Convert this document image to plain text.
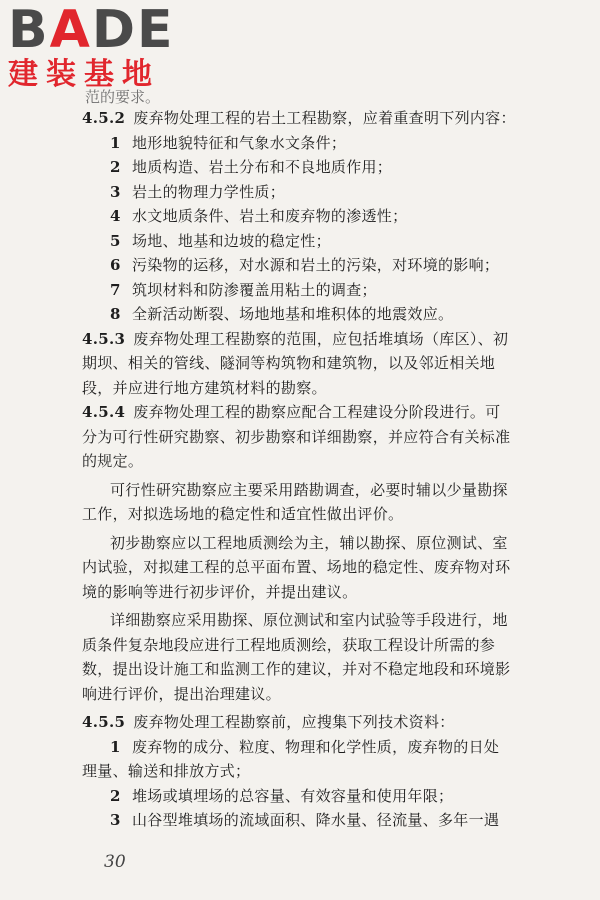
BADE
建装基地
范的要求。
4.5.2 废弃物处理工程的岩土工程勘察，应着重查明下列内容：
1 地形地貌特征和气象水文条件；
2 地质构造、岩土分布和不良地质作用；
3 岩土的物理力学性质；
4 水文地质条件、岩土和废弃物的渗透性；
5 场地、地基和边坡的稳定性；
6 污染物的运移，对水源和岩土的污染，对环境的影响；
7 筑坝材料和防渗覆盖用粘土的调查；
8 全新活动断裂、场地地基和堆积体的地震效应。
4.5.3 废弃物处理工程勘察的范围，应包括堆填场（库区）、初
期坝、相关的管线、隧洞等构筑物和建筑物，以及邻近相关地
段，并应进行地方建筑材料的勘察。
4.5.4 废弃物处理工程的勘察应配合工程建设分阶段进行。可
分为可行性研究勘察、初步勘察和详细勘察，并应符合有关标准
的规定。
可行性研究勘察应主要采用踏勘调查，必要时辅以少量勘探
工作，对拟选场地的稳定性和适宜性做出评价。
初步勘察应以工程地质测绘为主，辅以勘探、原位测试、室
内试验，对拟建工程的总平面布置、场地的稳定性、废弃物对环
境的影响等进行初步评价，并提出建议。
详细勘察应采用勘探、原位测试和室内试验等手段进行，地
质条件复杂地段应进行工程地质测绘，获取工程设计所需的参
数，提出设计施工和监测工作的建议，并对不稳定地段和环境影
响进行评价，提出治理建议。
4.5.5 废弃物处理工程勘察前，应搜集下列技术资料：
1 废弃物的成分、粒度、物理和化学性质，废弃物的日处
理量、输送和排放方式；
2 堆场或填埋场的总容量、有效容量和使用年限；
3 山谷型堆填场的流域面积、降水量、径流量、多年一遇
30
